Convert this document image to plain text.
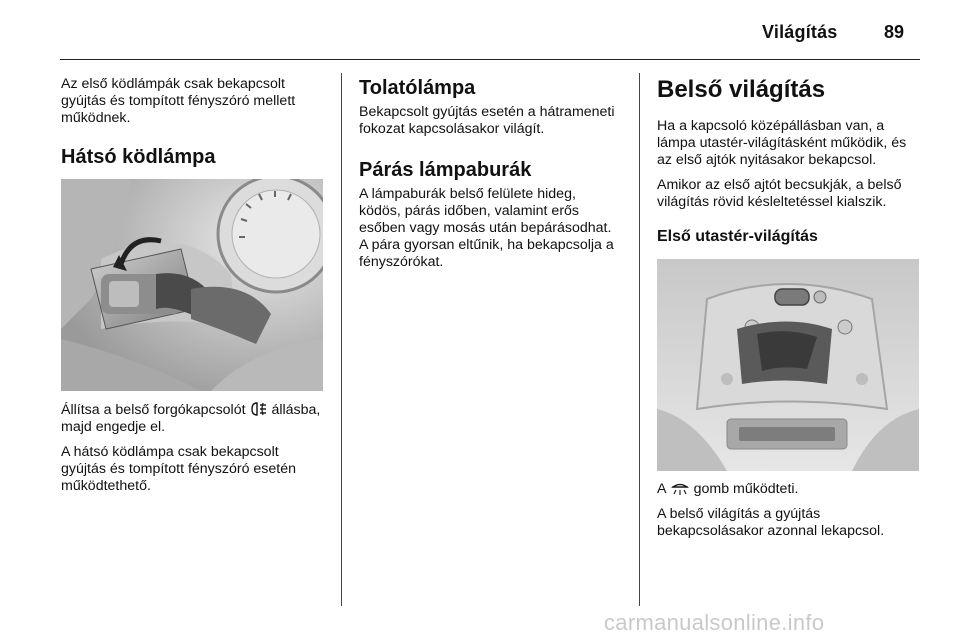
Világítás	89

Az első ködlámpák csak bekapcsolt gyújtás és tompított fényszóró mellett működnek.

Hátsó ködlámpa

Állítsa a belső forgókapcsolót állásba, majd engedje el.

A hátsó ködlámpa csak bekapcsolt gyújtás és tompított fényszóró esetén működtethető.

Tolatólámpa

Bekapcsolt gyújtás esetén a hátrameneti fokozat kapcsolásakor világít.

Párás lámpaburák

A lámpaburák belső felülete hideg, ködös, párás időben, valamint erős esőben vagy mosás után bepárásodhat. A pára gyorsan eltűnik, ha bekapcsolja a fényszórókat.

Belső világítás

Ha a kapcsoló középállásban van, a lámpa utastér-világításként működik, és az első ajtók nyitásakor bekapcsol.

Amikor az első ajtót becsukják, a belső világítás rövid késleltetéssel kialszik.

Első utastér-világítás

A gomb működteti.

A belső világítás a gyújtás bekapcsolásakor azonnal lekapcsol.

carmanualsonline.info
